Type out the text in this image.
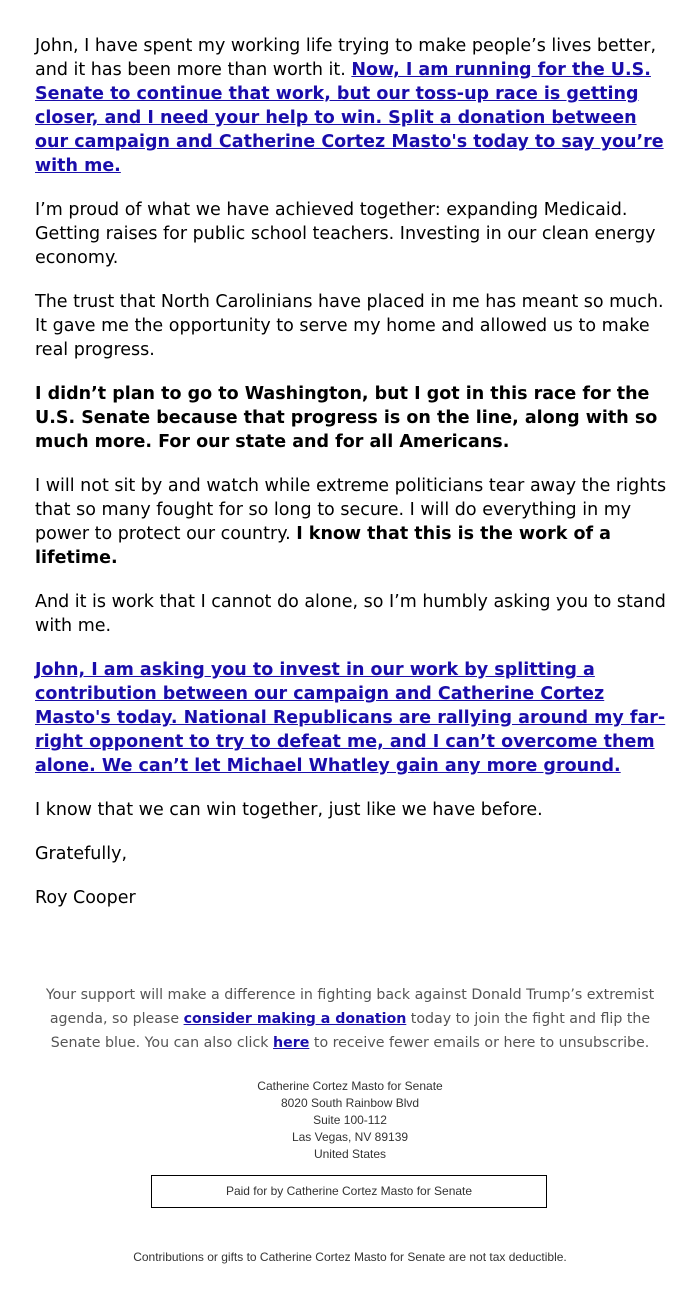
John, I have spent my working life trying to make people’s lives better, and it has been more than worth it. Now, I am running for the U.S. Senate to continue that work, but our toss-up race is getting closer, and I need your help to win. Split a donation between our campaign and Catherine Cortez Masto's today to say you’re with me.

I’m proud of what we have achieved together: expanding Medicaid. Getting raises for public school teachers. Investing in our clean energy economy.

The trust that North Carolinians have placed in me has meant so much. It gave me the opportunity to serve my home and allowed us to make real progress.

I didn’t plan to go to Washington, but I got in this race for the U.S. Senate because that progress is on the line, along with so much more. For our state and for all Americans.

I will not sit by and watch while extreme politicians tear away the rights that so many fought for so long to secure. I will do everything in my power to protect our country. I know that this is the work of a lifetime.

And it is work that I cannot do alone, so I’m humbly asking you to stand with me.

John, I am asking you to invest in our work by splitting a contribution between our campaign and Catherine Cortez Masto's today. National Republicans are rallying around my far-right opponent to try to defeat me, and I can’t overcome them alone. We can’t let Michael Whatley gain any more ground.

I know that we can win together, just like we have before.

Gratefully,

Roy Cooper

Your support will make a difference in fighting back against Donald Trump’s extremist agenda, so please consider making a donation today to join the fight and flip the Senate blue. You can also click here to receive fewer emails or here to unsubscribe.
Catherine Cortez Masto for Senate
8020 South Rainbow Blvd
Suite 100-112
Las Vegas, NV 89139
United States
Paid for by Catherine Cortez Masto for Senate
Contributions or gifts to Catherine Cortez Masto for Senate are not tax deductible.
